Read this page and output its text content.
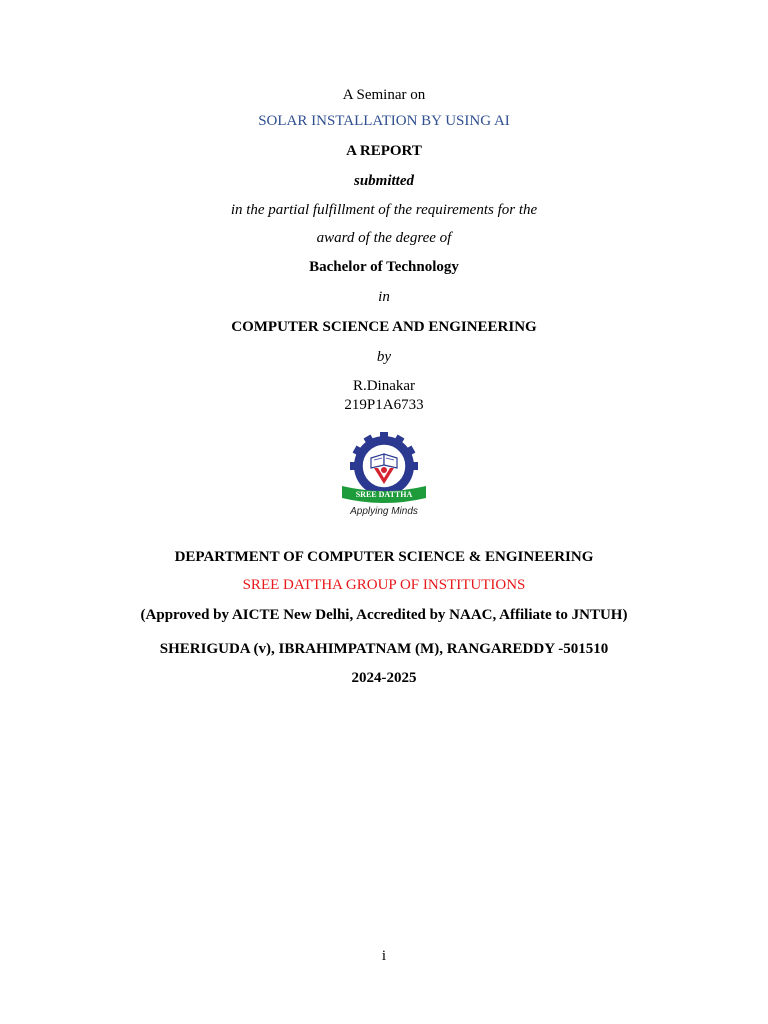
A Seminar on
SOLAR INSTALLATION BY USING AI
A REPORT
submitted
in the partial fulfillment of the requirements for the
award of the degree of
Bachelor of Technology
in
COMPUTER SCIENCE AND ENGINEERING
by
R.Dinakar
219P1A6733
SREE DATTHA
Applying Minds
DEPARTMENT OF COMPUTER SCIENCE & ENGINEERING
SREE DATTHA GROUP OF INSTITUTIONS
(Approved by AICTE New Delhi, Accredited by NAAC, Affiliate to JNTUH)
SHERIGUDA (v), IBRAHIMPATNAM (M), RANGAREDDY -501510
2024-2025
i
